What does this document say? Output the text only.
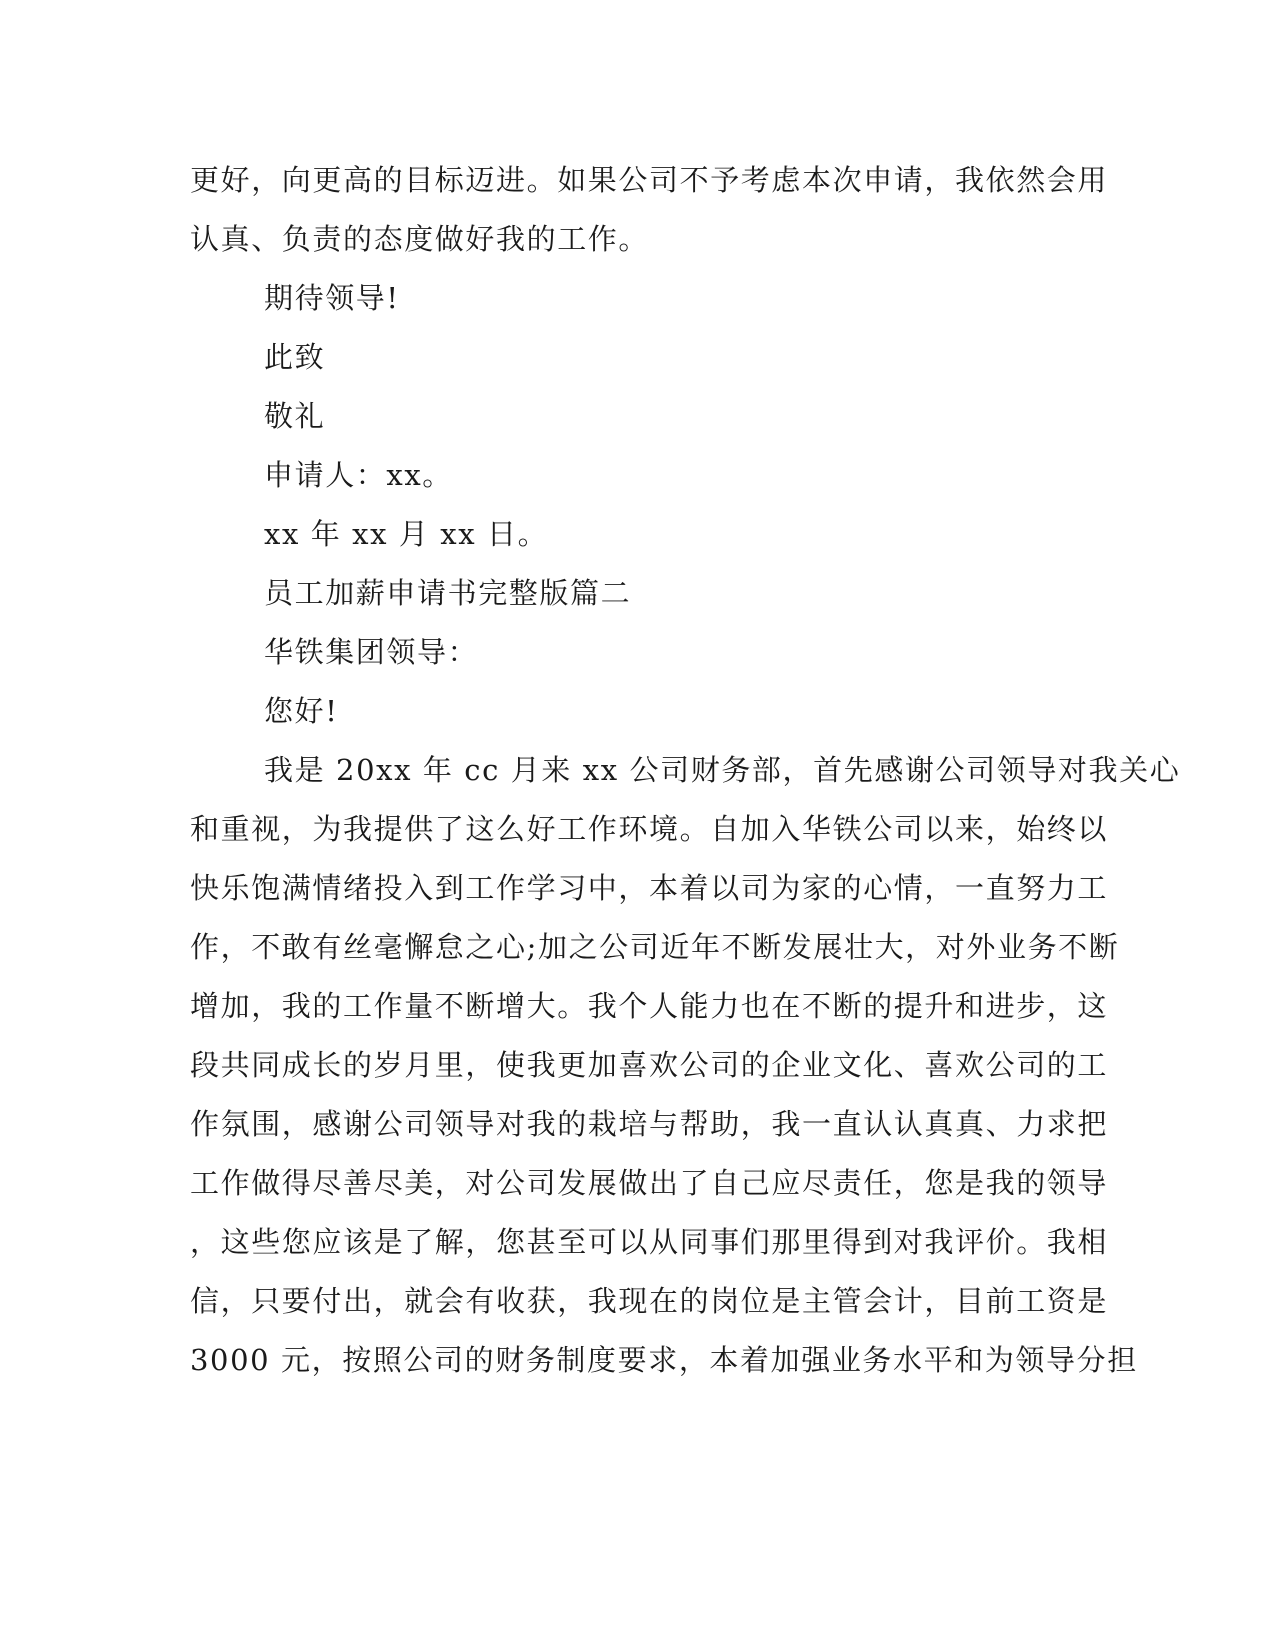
更好，向更高的目标迈进。如果公司不予考虑本次申请，我依然会用

认真、负责的态度做好我的工作。

期待领导!

此致

敬礼

申请人：xx。

xx 年 xx 月 xx 日。

员工加薪申请书完整版篇二

华铁集团领导：

您好!

我是 20xx 年 cc 月来 xx 公司财务部，首先感谢公司领导对我关心

和重视，为我提供了这么好工作环境。自加入华铁公司以来，始终以

快乐饱满情绪投入到工作学习中，本着以司为家的心情，一直努力工

作，不敢有丝毫懈怠之心;加之公司近年不断发展壮大，对外业务不断

增加，我的工作量不断增大。我个人能力也在不断的提升和进步，这

段共同成长的岁月里，使我更加喜欢公司的企业文化、喜欢公司的工

作氛围，感谢公司领导对我的栽培与帮助，我一直认认真真、力求把

工作做得尽善尽美，对公司发展做出了自己应尽责任，您是我的领导

，这些您应该是了解，您甚至可以从同事们那里得到对我评价。我相

信，只要付出，就会有收获，我现在的岗位是主管会计，目前工资是

3000 元，按照公司的财务制度要求，本着加强业务水平和为领导分担
